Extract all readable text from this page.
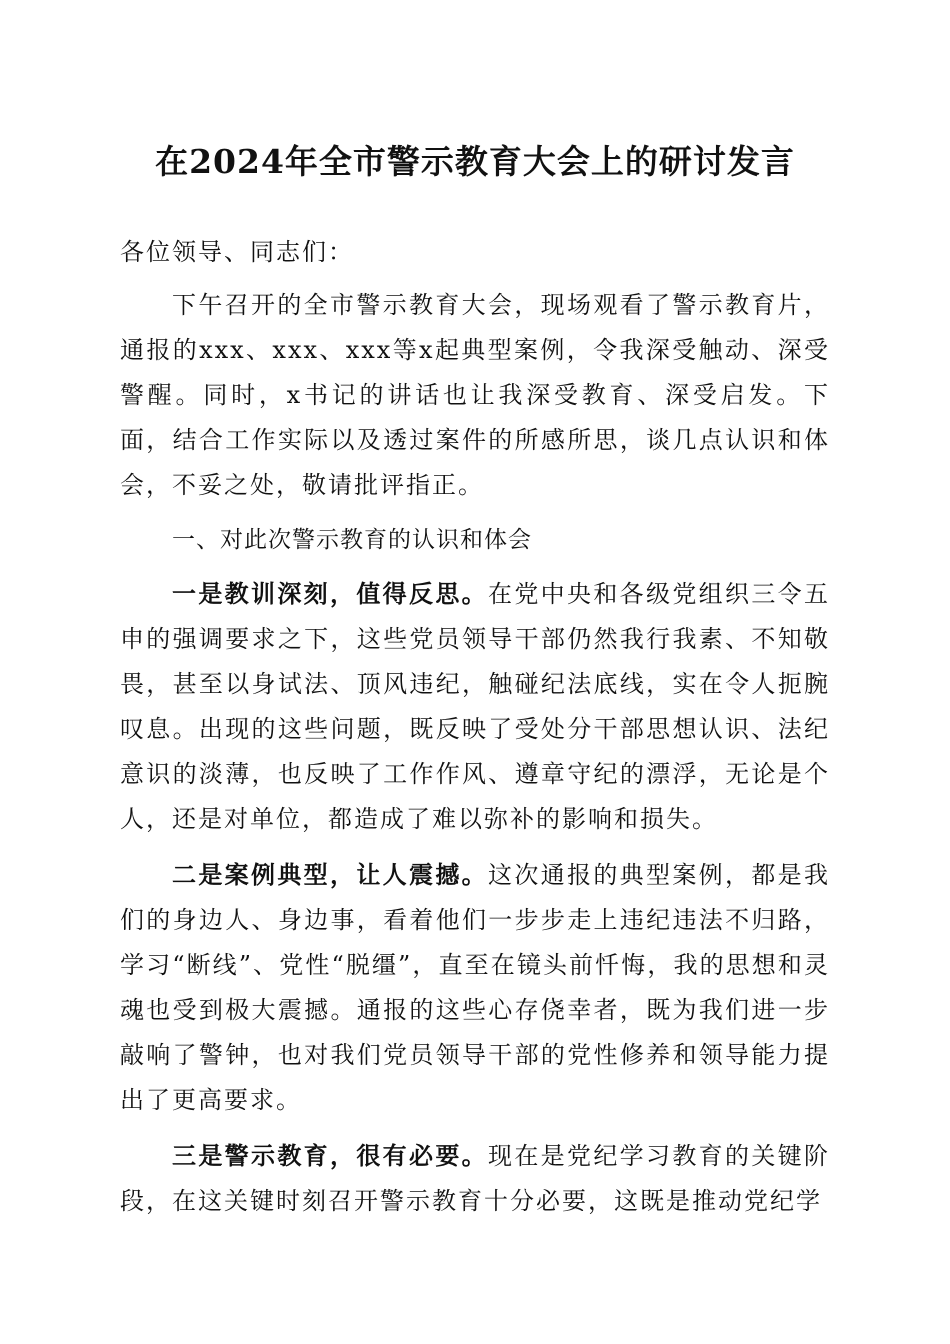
在2024年全市警示教育大会上的研讨发言

各位领导、同志们：

下午召开的全市警示教育大会，现场观看了警示教育片，通报的xxx、xxx、xxx等x起典型案例，令我深受触动、深受警醒。同时，x书记的讲话也让我深受教育、深受启发。下面，结合工作实际以及透过案件的所感所思，谈几点认识和体会，不妥之处，敬请批评指正。

一、对此次警示教育的认识和体会

一是教训深刻，值得反思。在党中央和各级党组织三令五申的强调要求之下，这些党员领导干部仍然我行我素、不知敬畏，甚至以身试法、顶风违纪，触碰纪法底线，实在令人扼腕叹息。出现的这些问题，既反映了受处分干部思想认识、法纪意识的淡薄，也反映了工作作风、遵章守纪的漂浮，无论是个人，还是对单位，都造成了难以弥补的影响和损失。

二是案例典型，让人震撼。这次通报的典型案例，都是我们的身边人、身边事，看着他们一步步走上违纪违法不归路，学习“断线”、党性“脱缰”，直至在镜头前忏悔，我的思想和灵魂也受到极大震撼。通报的这些心存侥幸者，既为我们进一步敲响了警钟，也对我们党员领导干部的党性修养和领导能力提出了更高要求。

三是警示教育，很有必要。现在是党纪学习教育的关键阶段，在这关键时刻召开警示教育十分必要，这既是推动党纪学
